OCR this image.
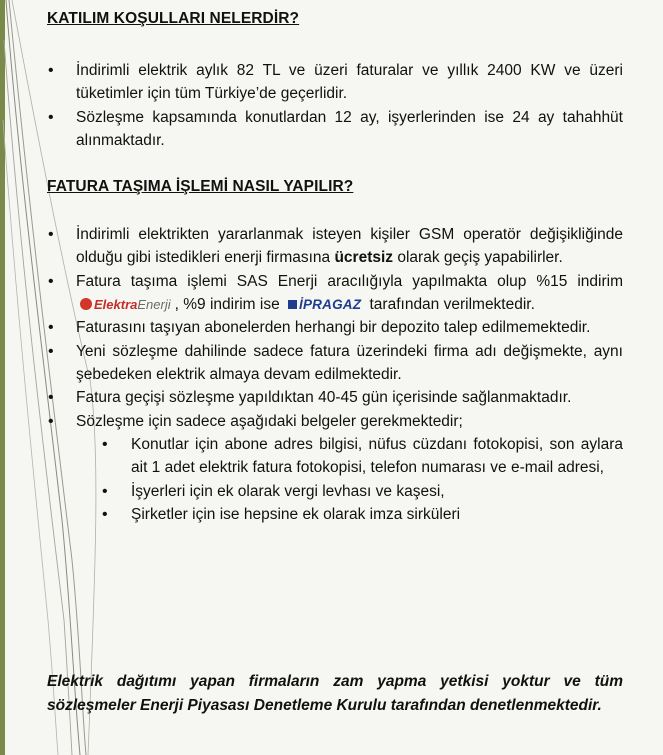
KATILIM KOŞULLARI NELERDİR?
• İndirimli elektrik aylık 82 TL ve üzeri faturalar ve yıllık 2400 KW ve üzeri tüketimler için tüm Türkiye’de geçerlidir.
• Sözleşme kapsamında konutlardan 12 ay, işyerlerinden ise 24 ay tahahhüt alınmaktadır.
FATURA TAŞIMA İŞLEMİ NASIL YAPILIR?
• İndirimli elektrikten yararlanmak isteyen kişiler GSM operatör değişikliğinde olduğu gibi istedikleri enerji firmasına ücretsiz olarak geçiş yapabilirler.
• Fatura taşıma işlemi SAS Enerji aracılığıyla yapılmakta olup %15 indirim ElektraEnerji , %9 indirim ise İPRAGAZ tarafından verilmektedir.
• Faturasını taşıyan abonelerden herhangi bir depozito talep edilmemektedir.
• Yeni sözleşme dahilinde sadece fatura üzerindeki firma adı değişmekte, aynı şebedeken elektrik almaya devam edilmektedir.
• Fatura geçişi sözleşme yapıldıktan 40-45 gün içerisinde sağlanmaktadır.
• Sözleşme için sadece aşağıdaki belgeler gerekmektedir;
• Konutlar için abone adres bilgisi, nüfus cüzdanı fotokopisi, son aylara ait 1 adet elektrik fatura fotokopisi, telefon numarası ve e-mail adresi,
• İşyerleri için ek olarak vergi levhası ve kaşesi,
• Şirketler için ise hepsine ek olarak imza sirküleri
Elektrik dağıtımı yapan firmaların zam yapma yetkisi yoktur ve tüm sözleşmeler Enerji Piyasası Denetleme Kurulu tarafından denetlenmektedir.
